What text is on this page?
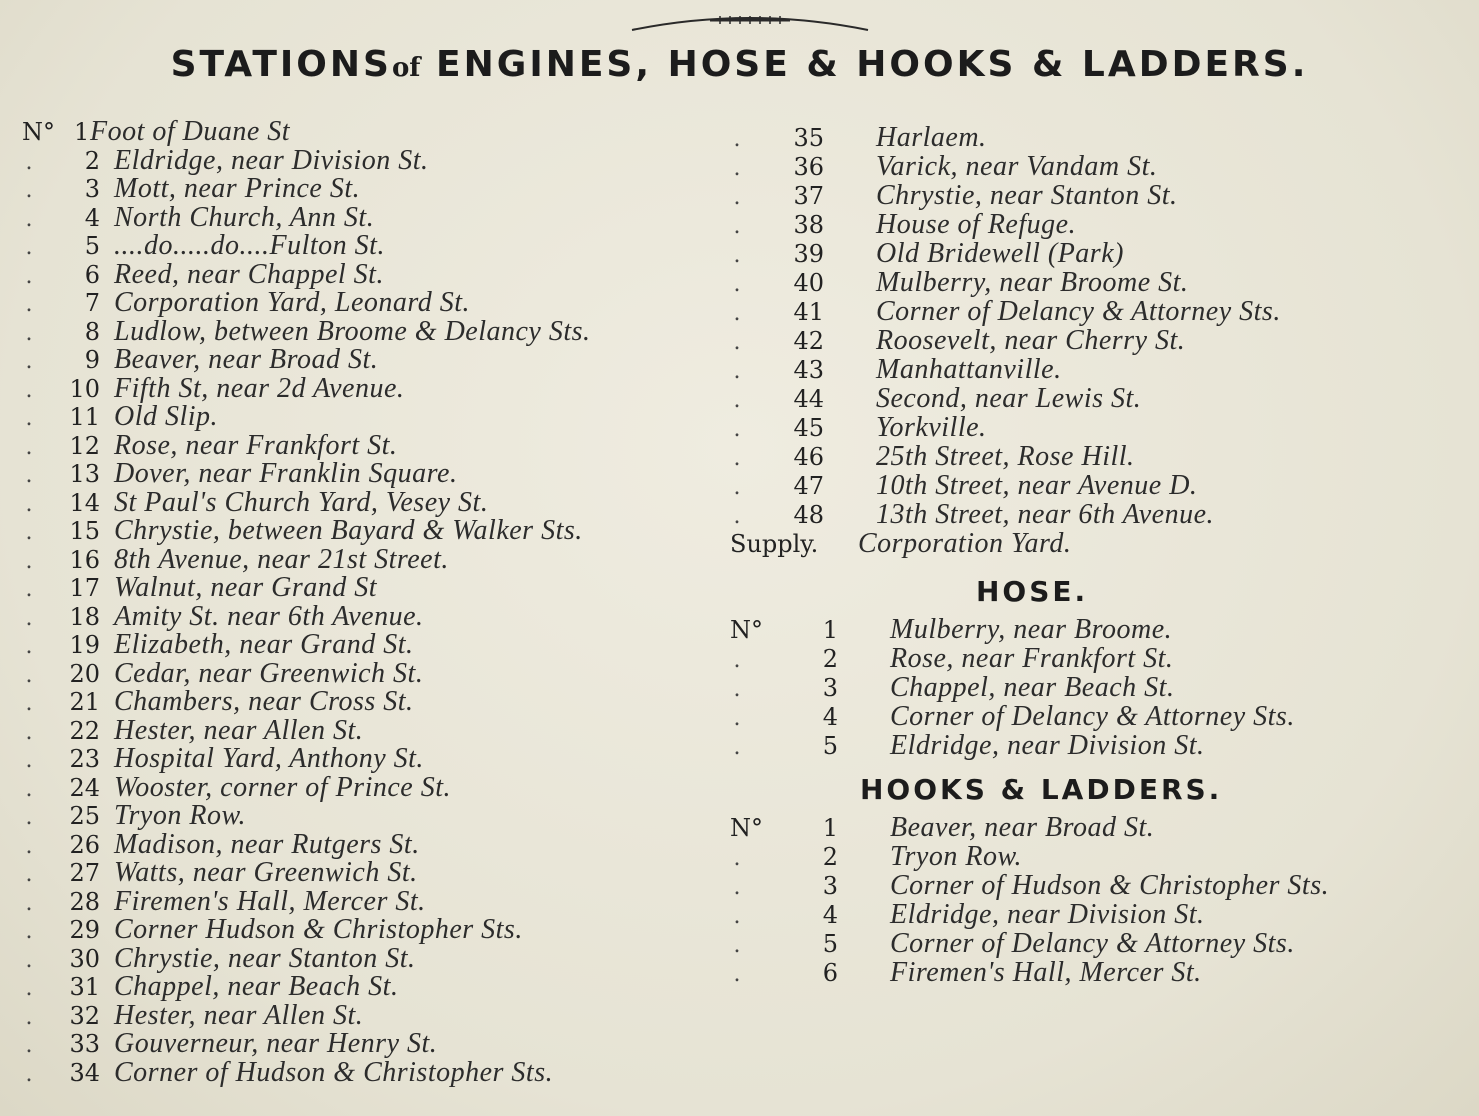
STATIONSof ENGINES, HOSE & HOOKS & LADDERS.
N° 1 Foot of Duane St
.	2 Eldridge, near Division St.
.	3 Mott, near Prince St.
.	4 North Church, Ann St.
.	5 ....do.....do....Fulton St.
.	6 Reed, near Chappel St.
.	7 Corporation Yard, Leonard St.
.	8 Ludlow, between Broome & Delancy Sts.
.	9 Beaver, near Broad St.
.	10 Fifth St, near 2d Avenue.
.	11 Old Slip.
.	12 Rose, near Frankfort St.
.	13 Dover, near Franklin Square.
.	14 St Paul's Church Yard, Vesey St.
.	15 Chrystie, between Bayard & Walker Sts.
.	16 8th Avenue, near 21st Street.
.	17 Walnut, near Grand St
.	18 Amity St. near 6th Avenue.
.	19 Elizabeth, near Grand St.
.	20 Cedar, near Greenwich St.
.	21 Chambers, near Cross St.
.	22 Hester, near Allen St.
.	23 Hospital Yard, Anthony St.
.	24 Wooster, corner of Prince St.
.	25 Tryon Row.
.	26 Madison, near Rutgers St.
.	27 Watts, near Greenwich St.
.	28 Firemen's Hall, Mercer St.
.	29 Corner Hudson & Christopher Sts.
.	30 Chrystie, near Stanton St.
.	31 Chappel, near Beach St.
.	32 Hester, near Allen St.
.	33 Gouverneur, near Henry St.
.	34 Corner of Hudson & Christopher Sts.
.	35	Harlaem.
.	36	Varick, near Vandam St.
.	37	Chrystie, near Stanton St.
.	38	House of Refuge.
.	39	Old Bridewell (Park)
.	40	Mulberry, near Broome St.
.	41	Corner of Delancy & Attorney Sts.
.	42	Roosevelt, near Cherry St.
.	43	Manhattanville.
.	44	Second, near Lewis St.
.	45	Yorkville.
.	46	25th Street, Rose Hill.
.	47	10th Street, near Avenue D.
.	48	13th Street, near 6th Avenue.
Supply.	Corporation Yard.
HOSE.
N°	1	Mulberry, near Broome.
.	2	Rose, near Frankfort St.
.	3	Chappel, near Beach St.
.	4	Corner of Delancy & Attorney Sts.
.	5	Eldridge, near Division St.
HOOKS & LADDERS.
N°	1	Beaver, near Broad St.
.	2	Tryon Row.
.	3	Corner of Hudson & Christopher Sts.
.	4	Eldridge, near Division St.
.	5	Corner of Delancy & Attorney Sts.
.	6	Firemen's Hall, Mercer St.
